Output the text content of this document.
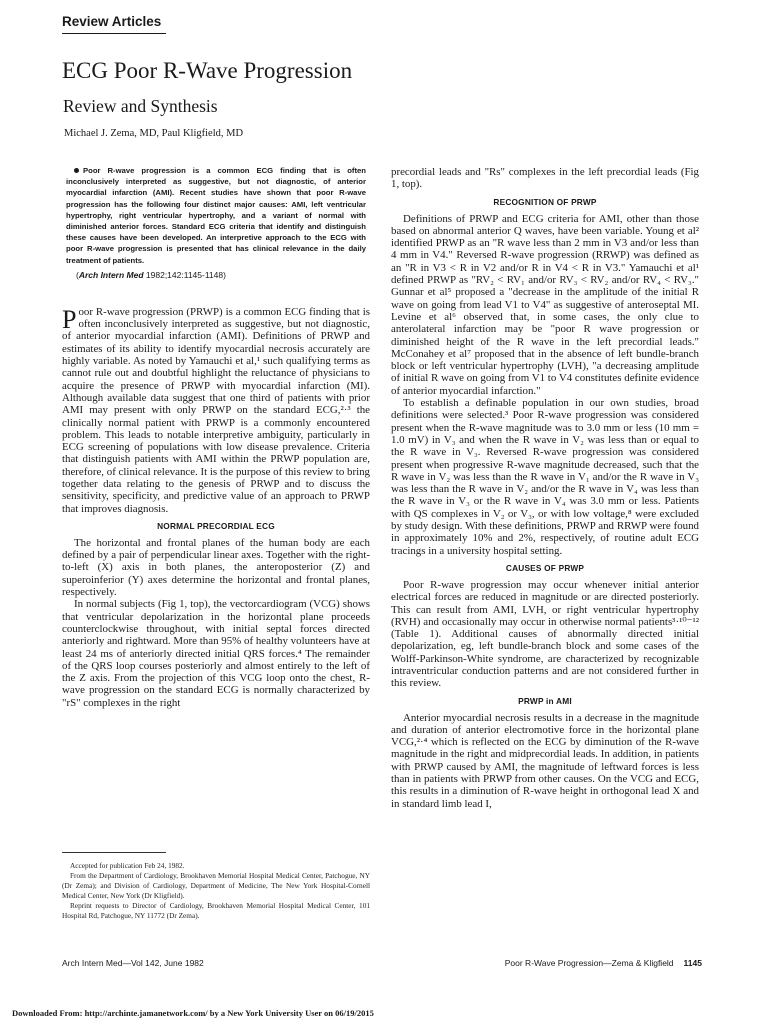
Review Articles
ECG Poor R-Wave Progression
Review and Synthesis
Michael J. Zema, MD, Paul Kligfield, MD

Poor R-wave progression is a common ECG finding that is often inconclusively interpreted as suggestive, but not diagnostic, of anterior myocardial infarction (AMI). Recent studies have shown that poor R-wave progression has the following four distinct major causes: AMI, left ventricular hypertrophy, right ventricular hypertrophy, and a variant of normal with diminished anterior forces. Standard ECG criteria that identify and distinguish these causes have been developed. An interpretive approach to the ECG with poor R-wave progression is presented that has clinical relevance in the daily treatment of patients.

(Arch Intern Med 1982;142:1145-1148)

Poor R-wave progression (PRWP) is a common ECG finding that is often inconclusively interpreted as suggestive, but not diagnostic, of anterior myocardial infarction (AMI). Definitions of PRWP and estimates of its ability to identify myocardial necrosis accurately are highly variable. As noted by Yamauchi et al,¹ such qualifying terms as cannot rule out and doubtful highlight the reluctance of physicians to acquire the presence of PRWP with myocardial infarction (MI). Although available data suggest that one third of patients with prior AMI may present with only PRWP on the standard ECG,²·³ the clinically normal patient with PRWP is a commonly encountered problem. This leads to notable interpretive ambiguity, particularly in ECG screening of populations with low disease prevalence. Criteria that distinguish patients with AMI within the PRWP population are, therefore, of clinical relevance. It is the purpose of this review to bring together data relating to the genesis of PRWP and to discuss the sensitivity, specificity, and predictive value of an approach to PRWP that improves diagnosis.

NORMAL PRECORDIAL ECG

The horizontal and frontal planes of the human body are each defined by a pair of perpendicular linear axes. Together with the right-to-left (X) axis in both planes, the anteroposterior (Z) and superoinferior (Y) axes determine the horizontal and frontal planes, respectively.

In normal subjects (Fig 1, top), the vectorcardiogram (VCG) shows that ventricular depolarization in the horizontal plane proceeds counterclockwise throughout, with initial septal forces directed anteriorly and rightward. More than 95% of healthy volunteers have at least 24 ms of anteriorly directed initial QRS forces.⁴ The remainder of the QRS loop courses posteriorly and almost entirely to the left of the Z axis. From the projection of this VCG loop onto the chest, R-wave progression on the standard ECG is normally characterized by "rS" complexes in the right

precordial leads and "Rs" complexes in the left precordial leads (Fig 1, top).

RECOGNITION OF PRWP

Definitions of PRWP and ECG criteria for AMI, other than those based on abnormal anterior Q waves, have been variable. Young et al² identified PRWP as an "R wave less than 2 mm in V3 and/or less than 4 mm in V4." Reversed R-wave progression (RRWP) was defined as an "R in V3 < R in V2 and/or R in V4 < R in V3." Yamauchi et al¹ defined PRWP as "RV₂ < RV₁ and/or RV₃ < RV₂ and/or RV₄ < RV₃." Gunnar et al⁵ proposed a "decrease in the amplitude of the initial R wave on going from lead V1 to V4" as suggestive of anteroseptal MI. Levine et al⁶ observed that, in some cases, the only clue to anterolateral infarction may be "poor R wave progression or diminished height of the R wave in the left precordial leads." McConahey et al⁷ proposed that in the absence of left bundle-branch block or left ventricular hypertrophy (LVH), "a decreasing amplitude of initial R wave on going from V1 to V4 constitutes definite evidence of anterior myocardial infarction."

To establish a definable population in our own studies, broad definitions were selected.³ Poor R-wave progression was considered present when the R-wave magnitude was to 3.0 mm or less (10 mm = 1.0 mV) in V₃ and when the R wave in V₂ was less than or equal to the R wave in V₃. Reversed R-wave progression was considered present when progressive R-wave magnitude decreased, such that the R wave in V₂ was less than the R wave in V₁ and/or the R wave in V₃ was less than the R wave in V₂ and/or the R wave in V₄ was less than the R wave in V₃ or the R wave in V₄ was 3.0 mm or less. Patients with QS complexes in V₂ or V₃, or with low voltage,⁸ were excluded by study design. With these definitions, PRWP and RRWP were found in approximately 10% and 2%, respectively, of routine adult ECG tracings in a university hospital setting.

CAUSES OF PRWP

Poor R-wave progression may occur whenever initial anterior electrical forces are reduced in magnitude or are directed posteriorly. This can result from AMI, LVH, or right ventricular hypertrophy (RVH) and occasionally may occur in otherwise normal patients³·¹⁰⁻¹² (Table 1). Additional causes of abnormally directed initial depolarization, eg, left bundle-branch block and some cases of the Wolff-Parkinson-White syndrome, are characterized by recognizable intraventricular conduction patterns and are not considered further in this review.

PRWP in AMI

Anterior myocardial necrosis results in a decrease in the magnitude and duration of anterior electromotive force in the horizontal plane VCG,²·⁴ which is reflected on the ECG by diminution of the R-wave magnitude in the right and midprecordial leads. In addition, in patients with PRWP caused by AMI, the magnitude of leftward forces is less than in patients with PRWP from other causes. On the VCG and ECG, this results in a diminution of R-wave height in orthogonal lead X and in standard limb lead I,

Accepted for publication Feb 24, 1982.

From the Department of Cardiology, Brookhaven Memorial Hospital Medical Center, Patchogue, NY (Dr Zema); and Division of Cardiology, Department of Medicine, The New York Hospital-Cornell Medical Center, New York (Dr Kligfield).

Reprint requests to Director of Cardiology, Brookhaven Memorial Hospital Medical Center, 101 Hospital Rd, Patchogue, NY 11772 (Dr Zema).

Arch Intern Med—Vol 142, June 1982	Poor R-Wave Progression—Zema & Kligfield 1145
Downloaded From: http://archinte.jamanetwork.com/ by a New York University User on 06/19/2015
